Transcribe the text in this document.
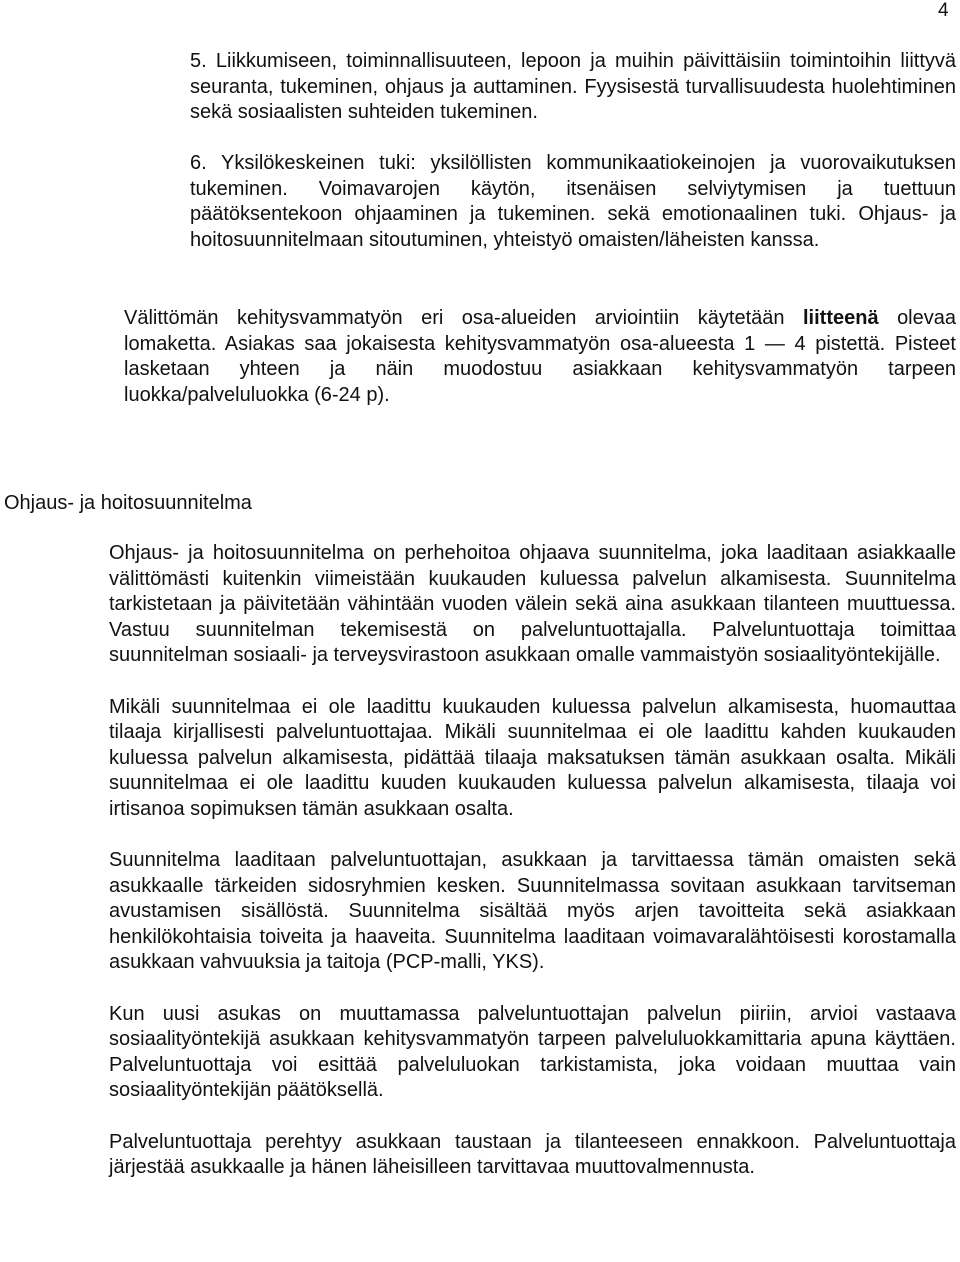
4
5. Liikkumiseen, toiminnallisuuteen, lepoon ja muihin päivittäisiin toimintoihin liittyvä seuranta, tukeminen, ohjaus ja auttaminen. Fyysisestä turvallisuudesta huolehtiminen sekä sosiaalisten suhteiden tukeminen.
6. Yksilökeskeinen tuki: yksilöllisten kommunikaatiokeinojen ja vuorovaikutuksen tukeminen. Voimavarojen käytön, itsenäisen selviytymisen ja tuettuun päätöksentekoon ohjaaminen ja tukeminen. sekä emotionaalinen tuki. Ohjaus- ja hoitosuunnitelmaan sitoutuminen, yhteistyö omaisten/läheisten kanssa.
Välittömän kehitysvammatyön eri osa-alueiden arviointiin käytetään liitteenä olevaa lomaketta. Asiakas saa jokaisesta kehitysvammatyön osa-alueesta 1 — 4 pistettä. Pisteet lasketaan yhteen ja näin muodostuu asiakkaan kehitysvammatyön tarpeen luokka/palveluluokka (6-24 p).
Ohjaus- ja hoitosuunnitelma

Ohjaus- ja hoitosuunnitelma on perhehoitoa ohjaava suunnitelma, joka laaditaan asiakkaalle välittömästi kuitenkin viimeistään kuukauden kuluessa palvelun alkamisesta. Suunnitelma tarkistetaan ja päivitetään vähintään vuoden välein sekä aina asukkaan tilanteen muuttuessa. Vastuu suunnitelman tekemisestä on palveluntuottajalla. Palveluntuottaja toimittaa suunnitelman sosiaali- ja terveysvirastoon asukkaan omalle vammaistyön sosiaalityöntekijälle.

Mikäli suunnitelmaa ei ole laadittu kuukauden kuluessa palvelun alkamisesta, huomauttaa tilaaja kirjallisesti palveluntuottajaa. Mikäli suunnitelmaa ei ole laadittu kahden kuukauden kuluessa palvelun alkamisesta, pidättää tilaaja maksatuksen tämän asukkaan osalta. Mikäli suunnitelmaa ei ole laadittu kuuden kuukauden kuluessa palvelun alkamisesta, tilaaja voi irtisanoa sopimuksen tämän asukkaan osalta.

Suunnitelma laaditaan palveluntuottajan, asukkaan ja tarvittaessa tämän omaisten sekä asukkaalle tärkeiden sidosryhmien kesken. Suunnitelmassa sovitaan asukkaan tarvitseman avustamisen sisällöstä. Suunnitelma sisältää myös arjen tavoitteita sekä asiakkaan henkilökohtaisia toiveita ja haaveita. Suunnitelma laaditaan voimavaralähtöisesti korostamalla asukkaan vahvuuksia ja taitoja (PCP-malli, YKS).

Kun uusi asukas on muuttamassa palveluntuottajan palvelun piiriin, arvioi vastaava sosiaalityöntekijä asukkaan kehitysvammatyön tarpeen palveluluokkamittaria apuna käyttäen. Palveluntuottaja voi esittää palveluluokan tarkistamista, joka voidaan muuttaa vain sosiaalityöntekijän päätöksellä.

Palveluntuottaja perehtyy asukkaan taustaan ja tilanteeseen ennakkoon. Palveluntuottaja järjestää asukkaalle ja hänen läheisilleen tarvittavaa muuttovalmennusta.
